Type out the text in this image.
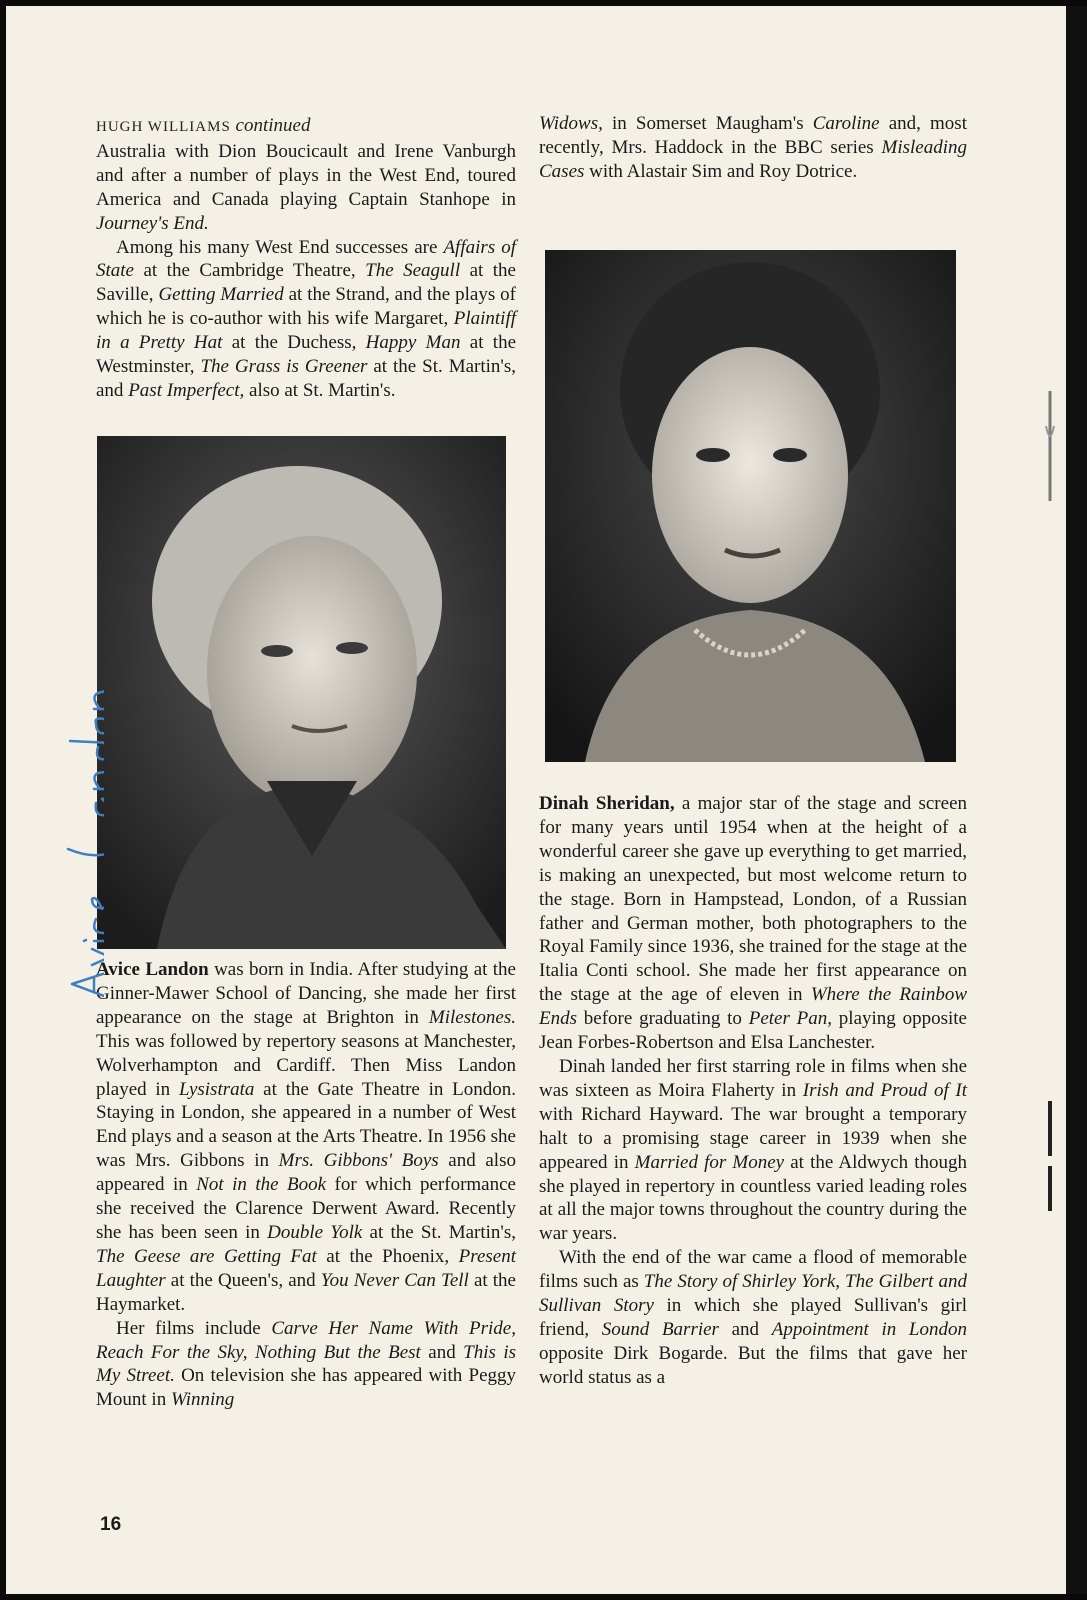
HUGH WILLIAMS continued

Australia with Dion Boucicault and Irene Vanburgh and after a number of plays in the West End, toured America and Canada playing Captain Stanhope in Journey's End.

Among his many West End successes are Affairs of State at the Cambridge Theatre, The Seagull at the Saville, Getting Married at the Strand, and the plays of which he is co-author with his wife Margaret, Plaintiff in a Pretty Hat at the Duchess, Happy Man at the Westminster, The Grass is Greener at the St. Martin's, and Past Imperfect, also at St. Martin's.

Avice Landon was born in India. After studying at the Ginner-Mawer School of Dancing, she made her first appearance on the stage at Brighton in Milestones. This was followed by repertory seasons at Manchester, Wolverhampton and Cardiff. Then Miss Landon played in Lysistrata at the Gate Theatre in London. Staying in London, she appeared in a number of West End plays and a season at the Arts Theatre. In 1956 she was Mrs. Gibbons in Mrs. Gibbons' Boys and also appeared in Not in the Book for which performance she received the Clarence Derwent Award. Recently she has been seen in Double Yolk at the St. Martin's, The Geese are Getting Fat at the Phoenix, Present Laughter at the Queen's, and You Never Can Tell at the Haymarket.

Her films include Carve Her Name With Pride, Reach For the Sky, Nothing But the Best and This is My Street. On television she has appeared with Peggy Mount in Winning

Widows, in Somerset Maugham's Caroline and, most recently, Mrs. Haddock in the BBC series Misleading Cases with Alastair Sim and Roy Dotrice.

Dinah Sheridan, a major star of the stage and screen for many years until 1954 when at the height of a wonderful career she gave up everything to get married, is making an unexpected, but most welcome return to the stage. Born in Hampstead, London, of a Russian father and German mother, both photographers to the Royal Family since 1936, she trained for the stage at the Italia Conti school. She made her first appearance on the stage at the age of eleven in Where the Rainbow Ends before graduating to Peter Pan, playing opposite Jean Forbes-Robertson and Elsa Lanchester.

Dinah landed her first starring role in films when she was sixteen as Moira Flaherty in Irish and Proud of It with Richard Hayward. The war brought a temporary halt to a promising stage career in 1939 when she appeared in Married for Money at the Aldwych though she played in repertory in countless varied leading roles at all the major towns throughout the country during the war years.

With the end of the war came a flood of memorable films such as The Story of Shirley York, The Gilbert and Sullivan Story in which she played Sullivan's girl friend, Sound Barrier and Appointment in London opposite Dirk Bogarde. But the films that gave her world status as a

16
